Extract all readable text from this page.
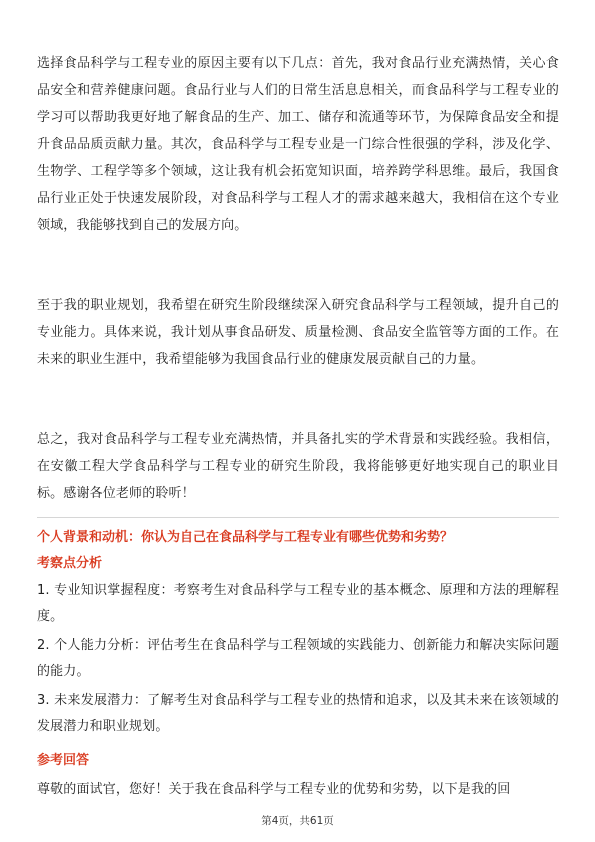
选择食品科学与工程专业的原因主要有以下几点：首先，我对食品行业充满热情，关心食品安全和营养健康问题。食品行业与人们的日常生活息息相关，而食品科学与工程专业的学习可以帮助我更好地了解食品的生产、加工、储存和流通等环节，为保障食品安全和提升食品品质贡献力量。其次，食品科学与工程专业是一门综合性很强的学科，涉及化学、生物学、工程学等多个领域，这让我有机会拓宽知识面，培养跨学科思维。最后，我国食品行业正处于快速发展阶段，对食品科学与工程人才的需求越来越大，我相信在这个专业领域，我能够找到自己的发展方向。

至于我的职业规划，我希望在研究生阶段继续深入研究食品科学与工程领域，提升自己的专业能力。具体来说，我计划从事食品研发、质量检测、食品安全监管等方面的工作。在未来的职业生涯中，我希望能够为我国食品行业的健康发展贡献自己的力量。

总之，我对食品科学与工程专业充满热情，并具备扎实的学术背景和实践经验。我相信，在安徽工程大学食品科学与工程专业的研究生阶段，我将能够更好地实现自己的职业目标。感谢各位老师的聆听！

个人背景和动机：你认为自己在食品科学与工程专业有哪些优势和劣势？
考察点分析
1. 专业知识掌握程度：考察考生对食品科学与工程专业的基本概念、原理和方法的理解程度。
2. 个人能力分析：评估考生在食品科学与工程领域的实践能力、创新能力和解决实际问题的能力。
3. 未来发展潜力：了解考生对食品科学与工程专业的热情和追求，以及其未来在该领域的发展潜力和职业规划。
参考回答
尊敬的面试官，您好！关于我在食品科学与工程专业的优势和劣势，以下是我的回
第4页，共61页
